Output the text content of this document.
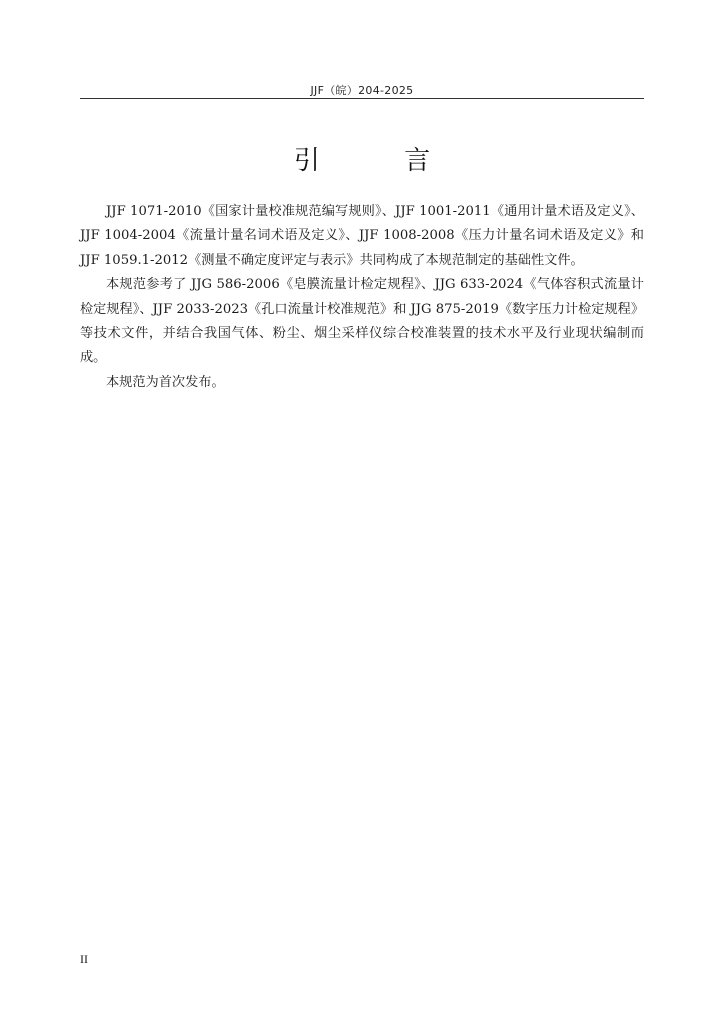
JJF（皖）204-2025
引 言

JJF 1071-2010《国家计量校准规范编写规则》、JJF 1001-2011《通用计量术语及定义》、JJF 1004-2004《流量计量名词术语及定义》、JJF 1008-2008《压力计量名词术语及定义》和 JJF 1059.1-2012《测量不确定度评定与表示》共同构成了本规范制定的基础性文件。

本规范参考了 JJG 586-2006《皂膜流量计检定规程》、JJG 633-2024《气体容积式流量计检定规程》、JJF 2033-2023《孔口流量计校准规范》和 JJG 875-2019《数字压力计检定规程》等技术文件，并结合我国气体、粉尘、烟尘采样仪综合校准装置的技术水平及行业现状编制而成。

本规范为首次发布。

II
